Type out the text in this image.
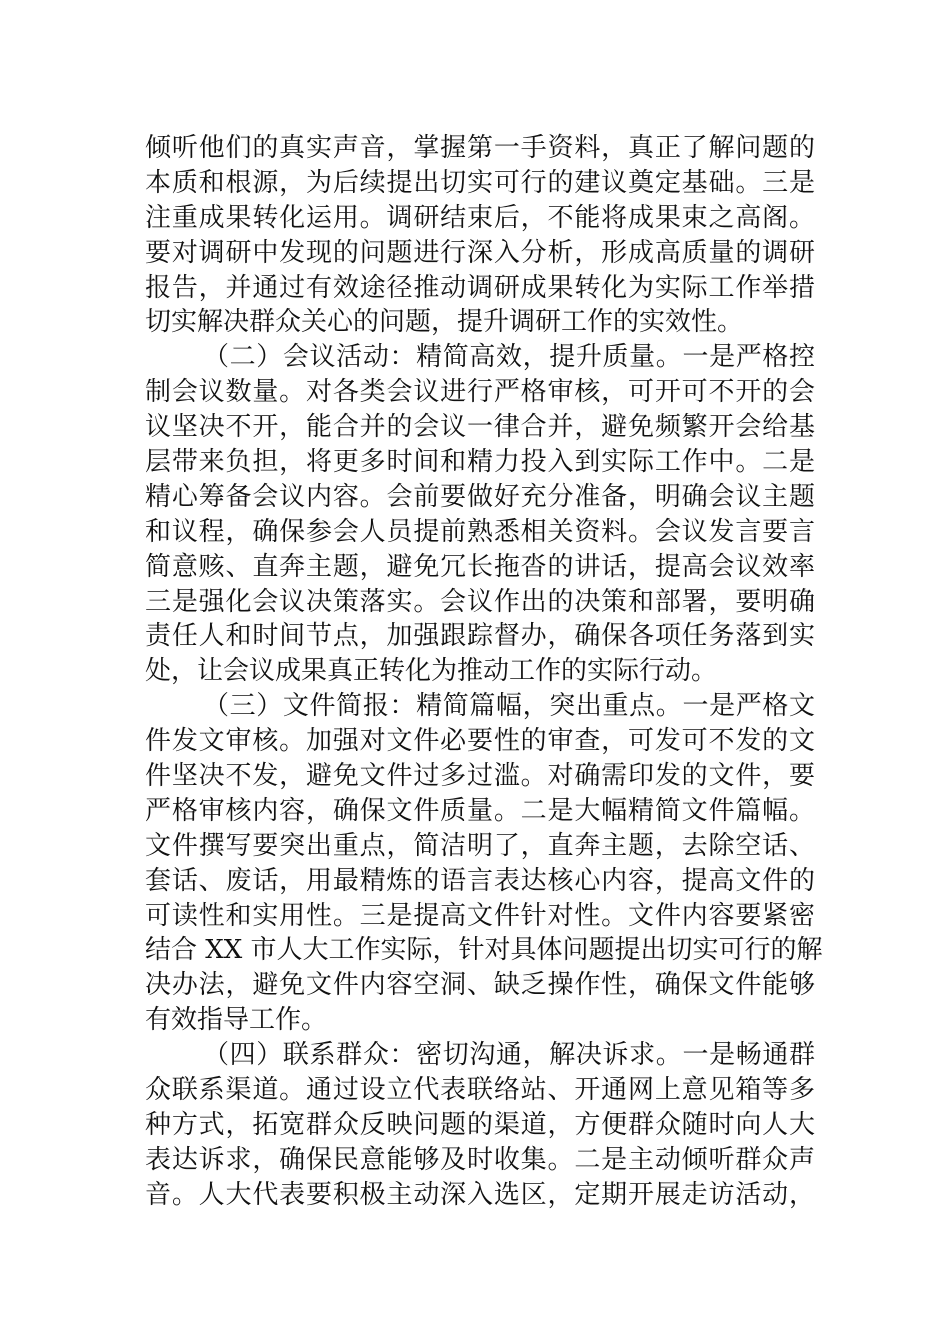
倾听他们的真实声音，掌握第一手资料，真正了解问题的
本质和根源，为后续提出切实可行的建议奠定基础。三是
注重成果转化运用。调研结束后，不能将成果束之高阁。
要对调研中发现的问题进行深入分析，形成高质量的调研
报告，并通过有效途径推动调研成果转化为实际工作举措
切实解决群众关心的问题，提升调研工作的实效性。
（二）会议活动：精简高效，提升质量。一是严格控
制会议数量。对各类会议进行严格审核，可开可不开的会
议坚决不开，能合并的会议一律合并，避免频繁开会给基
层带来负担，将更多时间和精力投入到实际工作中。二是
精心筹备会议内容。会前要做好充分准备，明确会议主题
和议程，确保参会人员提前熟悉相关资料。会议发言要言
简意赅、直奔主题，避免冗长拖沓的讲话，提高会议效率
三是强化会议决策落实。会议作出的决策和部署，要明确
责任人和时间节点，加强跟踪督办，确保各项任务落到实
处，让会议成果真正转化为推动工作的实际行动。
（三）文件简报：精简篇幅，突出重点。一是严格文
件发文审核。加强对文件必要性的审查，可发可不发的文
件坚决不发，避免文件过多过滥。对确需印发的文件，要
严格审核内容，确保文件质量。二是大幅精简文件篇幅。
文件撰写要突出重点，简洁明了，直奔主题，去除空话、
套话、废话，用最精炼的语言表达核心内容，提高文件的
可读性和实用性。三是提高文件针对性。文件内容要紧密
结合 XX 市人大工作实际，针对具体问题提出切实可行的解
决办法，避免文件内容空洞、缺乏操作性，确保文件能够
有效指导工作。
（四）联系群众：密切沟通，解决诉求。一是畅通群
众联系渠道。通过设立代表联络站、开通网上意见箱等多
种方式，拓宽群众反映问题的渠道，方便群众随时向人大
表达诉求，确保民意能够及时收集。二是主动倾听群众声
音。人大代表要积极主动深入选区，定期开展走访活动，
